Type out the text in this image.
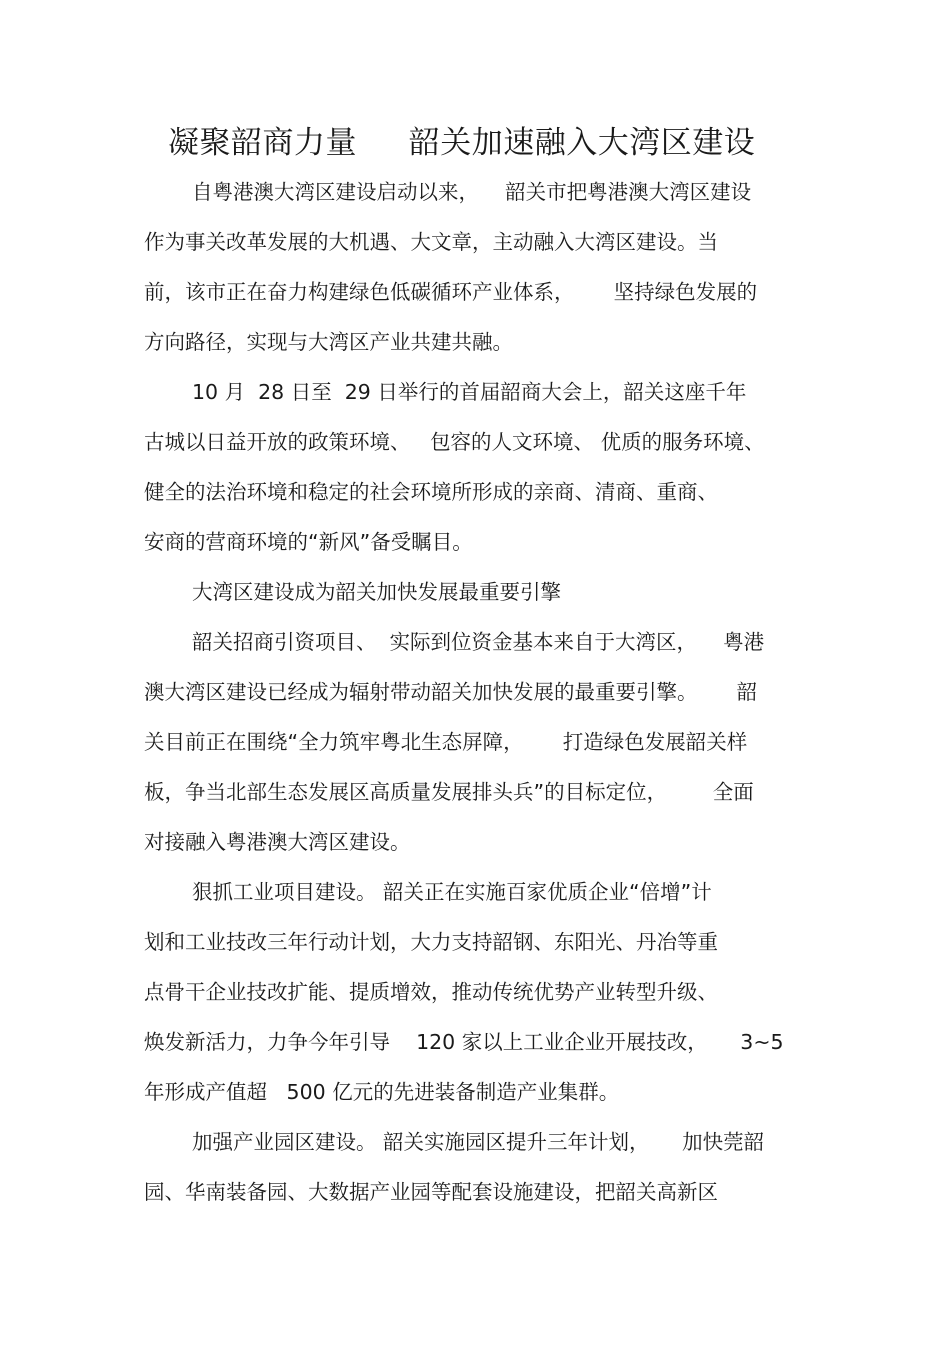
凝聚韶商力量     韶关加速融入大湾区建设
自粤港澳大湾区建设启动以来，    韶关市把粤港澳大湾区建设
作为事关改革发展的大机遇、大文章，主动融入大湾区建设。当
前，该市正在奋力构建绿色低碳循环产业体系，      坚持绿色发展的
方向路径，实现与大湾区产业共建共融。
10 月  28 日至  29 日举行的首届韶商大会上，韶关这座千年
古城以日益开放的政策环境、   包容的人文环境、 优质的服务环境、
健全的法治环境和稳定的社会环境所形成的亲商、清商、重商、
安商的营商环境的“新风”备受瞩目。
大湾区建设成为韶关加快发展最重要引擎
韶关招商引资项目、  实际到位资金基本来自于大湾区，    粤港
澳大湾区建设已经成为辐射带动韶关加快发展的最重要引擎。      韶
关目前正在围绕“全力筑牢粤北生态屏障，      打造绿色发展韶关样
板，争当北部生态发展区高质量发展排头兵”的目标定位，       全面
对接融入粤港澳大湾区建设。
狠抓工业项目建设。 韶关正在实施百家优质企业“倍增”计
划和工业技改三年行动计划，大力支持韶钢、东阳光、丹冶等重
点骨干企业技改扩能、提质增效，推动传统优势产业转型升级、
焕发新活力，力争今年引导    120 家以上工业企业开展技改，     3~5
年形成产值超   500 亿元的先进装备制造产业集群。
加强产业园区建设。 韶关实施园区提升三年计划，     加快莞韶
园、华南装备园、大数据产业园等配套设施建设，把韶关高新区
